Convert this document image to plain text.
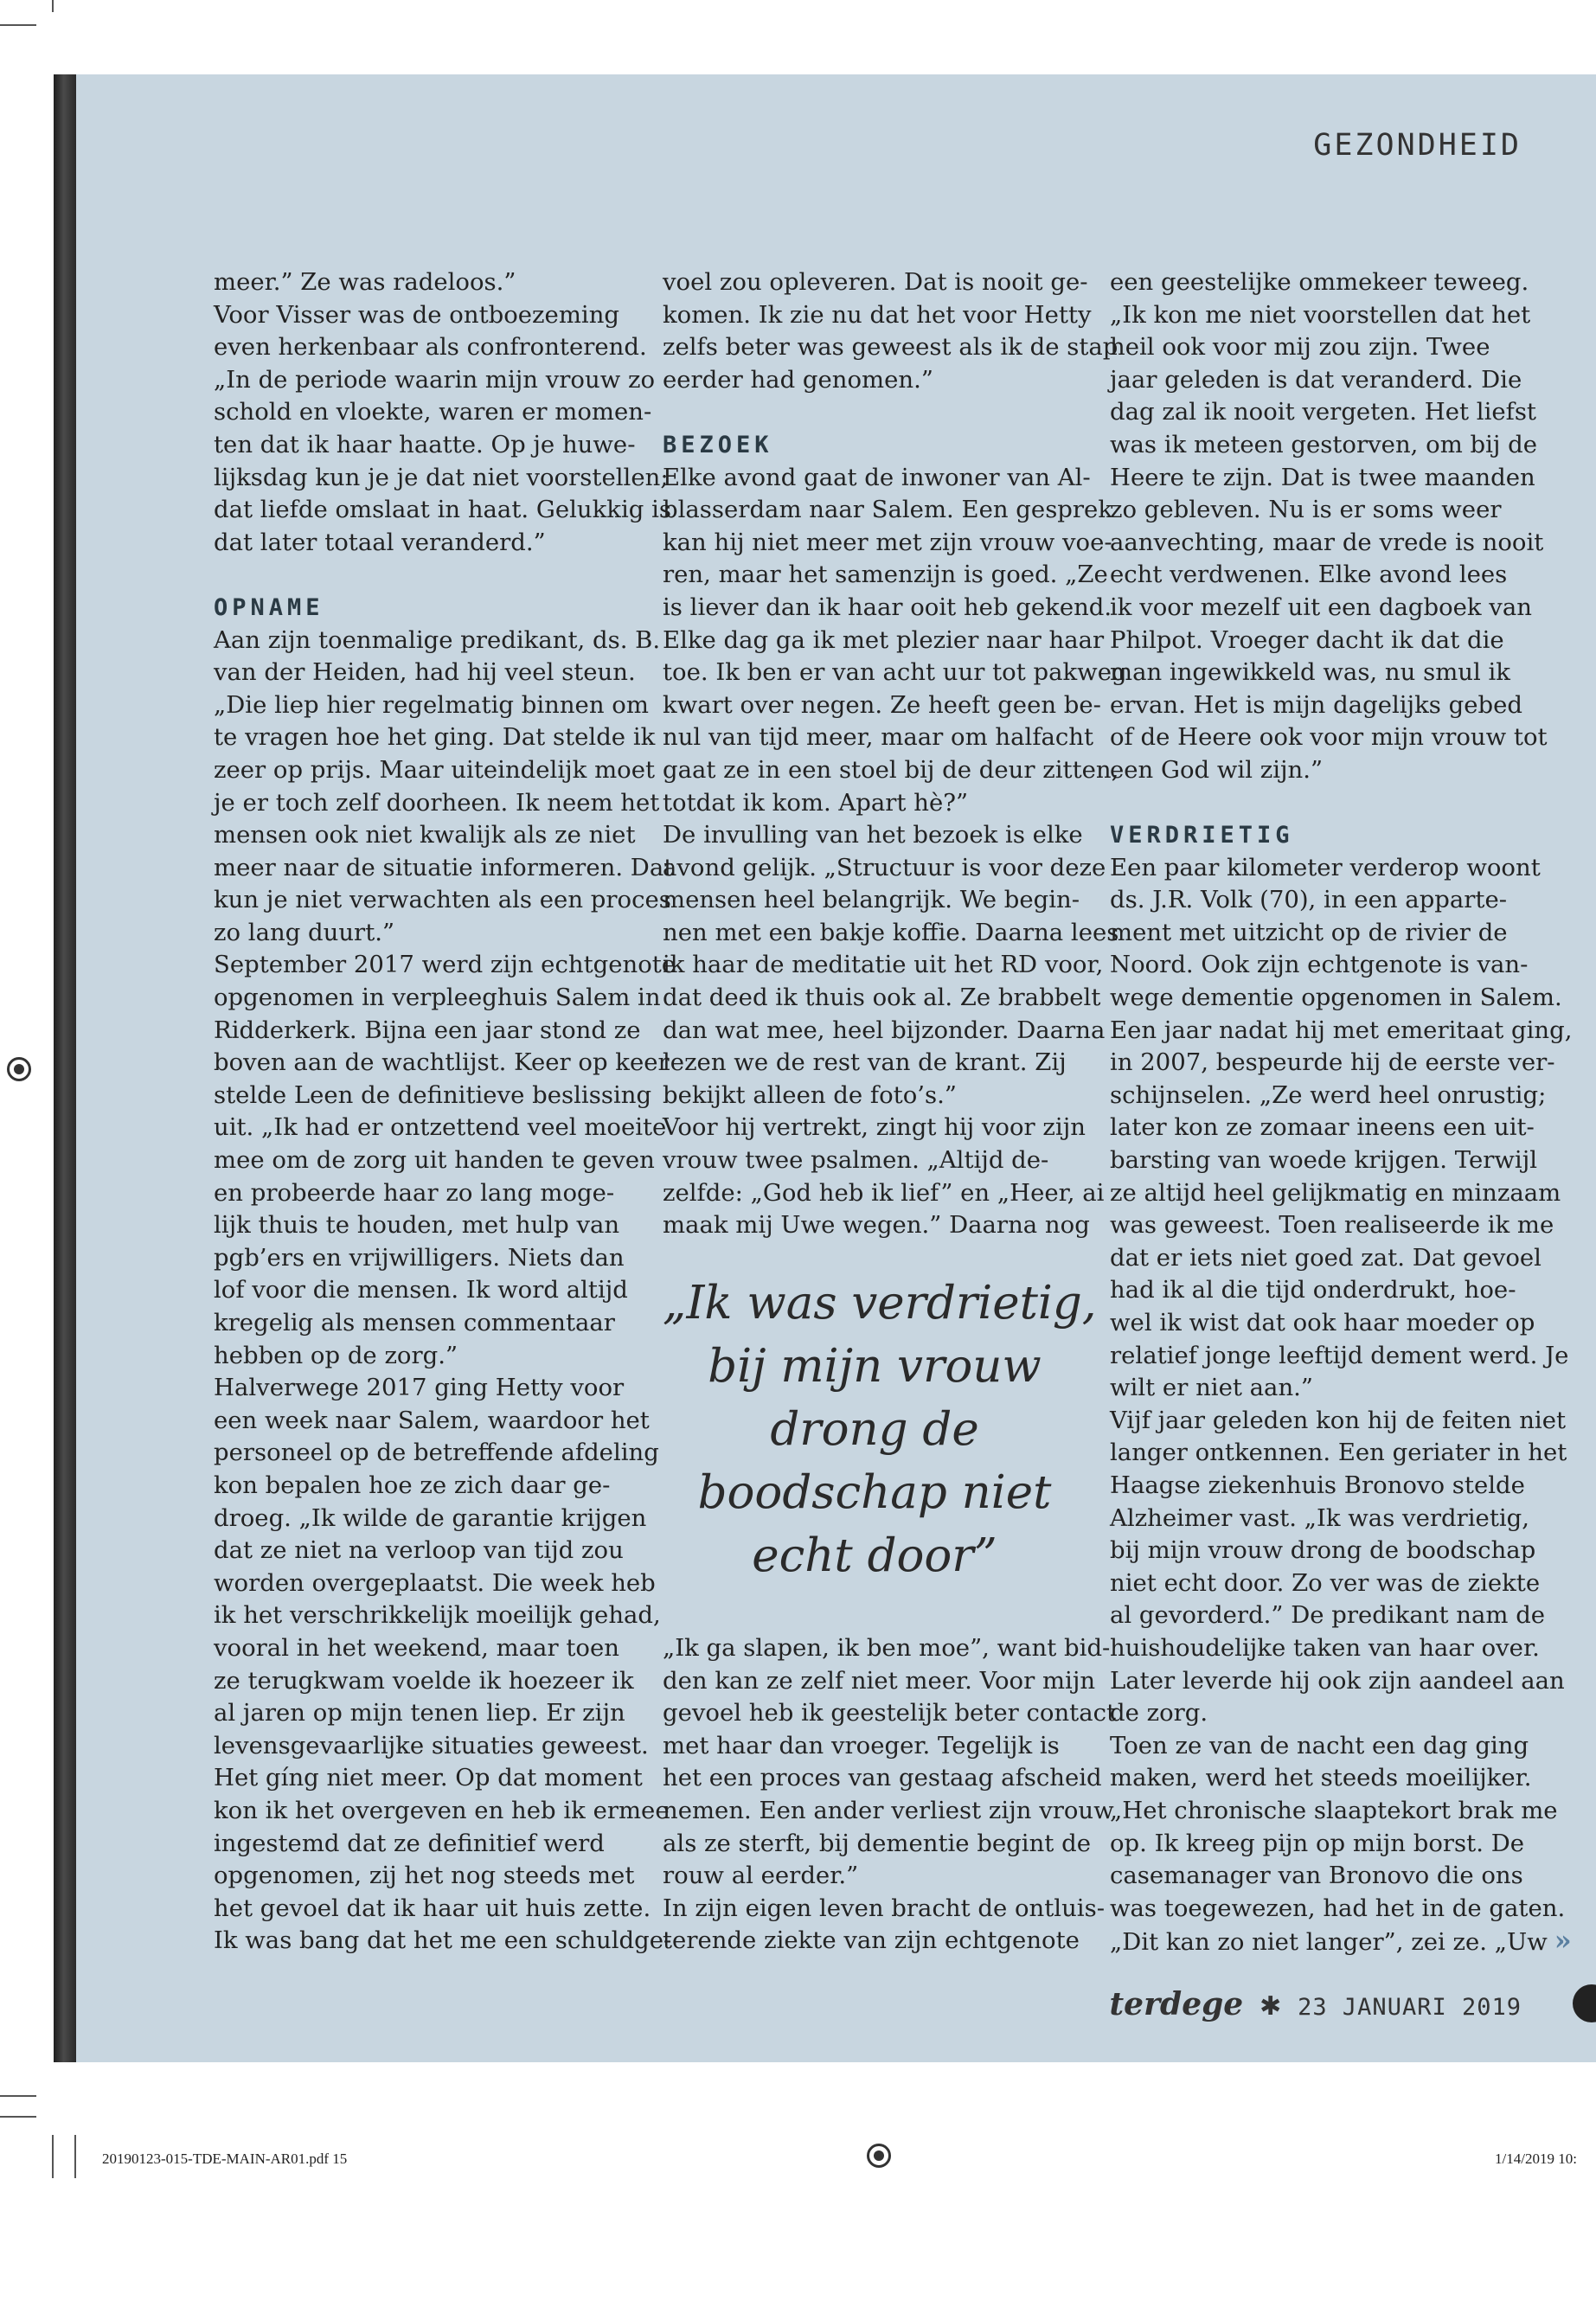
GEZONDHEID

meer.” Ze was radeloos.”

Voor Visser was de ontboezeming

even herkenbaar als confronterend.

„In de periode waarin mijn vrouw zo

schold en vloekte, waren er momen-

ten dat ik haar haatte. Op je huwe-

lijksdag kun je je dat niet voorstellen;

dat liefde omslaat in haat. Gelukkig is

dat later totaal veranderd.”

OPNAME

Aan zijn toenmalige predikant, ds. B.

van der Heiden, had hij veel steun.

„Die liep hier regelmatig binnen om

te vragen hoe het ging. Dat stelde ik

zeer op prijs. Maar uiteindelijk moet

je er toch zelf doorheen. Ik neem het

mensen ook niet kwalijk als ze niet

meer naar de situatie informeren. Dat

kun je niet verwachten als een proces

zo lang duurt.”

September 2017 werd zijn echtgenote

opgenomen in verpleeghuis Salem in

Ridderkerk. Bijna een jaar stond ze

boven aan de wachtlijst. Keer op keer

stelde Leen de definitieve beslissing

uit. „Ik had er ontzettend veel moeite

mee om de zorg uit handen te geven

en probeerde haar zo lang moge-

lijk thuis te houden, met hulp van

pgb’ers en vrijwilligers. Niets dan

lof voor die mensen. Ik word altijd

kregelig als mensen commentaar

hebben op de zorg.”

Halverwege 2017 ging Hetty voor

een week naar Salem, waardoor het

personeel op de betreffende afdeling

kon bepalen hoe ze zich daar ge-

droeg. „Ik wilde de garantie krijgen

dat ze niet na verloop van tijd zou

worden overgeplaatst. Die week heb

ik het verschrikkelijk moeilijk gehad,

vooral in het weekend, maar toen

ze terugkwam voelde ik hoezeer ik

al jaren op mijn tenen liep. Er zijn

levensgevaarlijke situaties geweest.

Het gíng niet meer. Op dat moment

kon ik het overgeven en heb ik ermee

ingestemd dat ze definitief werd

opgenomen, zij het nog steeds met

het gevoel dat ik haar uit huis zette.

Ik was bang dat het me een schuldge-

voel zou opleveren. Dat is nooit ge-

komen. Ik zie nu dat het voor Hetty

zelfs beter was geweest als ik de stap

eerder had genomen.”

BEZOEK

Elke avond gaat de inwoner van Al-

blasserdam naar Salem. Een gesprek

kan hij niet meer met zijn vrouw voe-

ren, maar het samenzijn is goed. „Ze

is liever dan ik haar ooit heb gekend.

Elke dag ga ik met plezier naar haar

toe. Ik ben er van acht uur tot pakweg

kwart over negen. Ze heeft geen be-

nul van tijd meer, maar om halfacht

gaat ze in een stoel bij de deur zitten,

totdat ik kom. Apart hè?”

De invulling van het bezoek is elke

avond gelijk. „Structuur is voor deze

mensen heel belangrijk. We begin-

nen met een bakje koffie. Daarna lees

ik haar de meditatie uit het RD voor,

dat deed ik thuis ook al. Ze brabbelt

dan wat mee, heel bijzonder. Daarna

lezen we de rest van de krant. Zij

bekijkt alleen de foto’s.”

Voor hij vertrekt, zingt hij voor zijn

vrouw twee psalmen. „Altijd de-

zelfde: „God heb ik lief” en „Heer, ai

maak mij Uwe wegen.” Daarna nog

„Ik ga slapen, ik ben moe”, want bid-

den kan ze zelf niet meer. Voor mijn

gevoel heb ik geestelijk beter contact

met haar dan vroeger. Tegelijk is

het een proces van gestaag afscheid

nemen. Een ander verliest zijn vrouw

als ze sterft, bij dementie begint de

rouw al eerder.”

In zijn eigen leven bracht de ontluis-

terende ziekte van zijn echtgenote

een geestelijke ommekeer teweeg.

„Ik kon me niet voorstellen dat het

heil ook voor mij zou zijn. Twee

jaar geleden is dat veranderd. Die

dag zal ik nooit vergeten. Het liefst

was ik meteen gestorven, om bij de

Heere te zijn. Dat is twee maanden

zo gebleven. Nu is er soms weer

aanvechting, maar de vrede is nooit

echt verdwenen. Elke avond lees

ik voor mezelf uit een dagboek van

Philpot. Vroeger dacht ik dat die

man ingewikkeld was, nu smul ik

ervan. Het is mijn dagelijks gebed

of de Heere ook voor mijn vrouw tot

een God wil zijn.”

VERDRIETIG

Een paar kilometer verderop woont

ds. J.R. Volk (70), in een apparte-

ment met uitzicht op de rivier de

Noord. Ook zijn echtgenote is van-

wege dementie opgenomen in Salem.

Een jaar nadat hij met emeritaat ging,

in 2007, bespeurde hij de eerste ver-

schijnselen. „Ze werd heel onrustig;

later kon ze zomaar ineens een uit-

barsting van woede krijgen. Terwijl

ze altijd heel gelijkmatig en minzaam

was geweest. Toen realiseerde ik me

dat er iets niet goed zat. Dat gevoel

had ik al die tijd onderdrukt, hoe-

wel ik wist dat ook haar moeder op

relatief jonge leeftijd dement werd. Je

wilt er niet aan.”

Vijf jaar geleden kon hij de feiten niet

langer ontkennen. Een geriater in het

Haagse ziekenhuis Bronovo stelde

Alzheimer vast. „Ik was verdrietig,

bij mijn vrouw drong de boodschap

niet echt door. Zo ver was de ziekte

al gevorderd.” De predikant nam de

huishoudelijke taken van haar over.

Later leverde hij ook zijn aandeel aan

de zorg.

Toen ze van de nacht een dag ging

maken, werd het steeds moeilijker.

„Het chronische slaaptekort brak me

op. Ik kreeg pijn op mijn borst. De

casemanager van Bronovo die ons

was toegewezen, had het in de gaten.

„Dit kan zo niet langer”, zei ze. „Uw »

„Ik was verdrietig,

bij mijn vrouw

drong de

boodschap niet

echt door”

terdege ✱ 23 JANUARI 2019
20190123-015-TDE-MAIN-AR01.pdf 15	1/14/2019 10:
